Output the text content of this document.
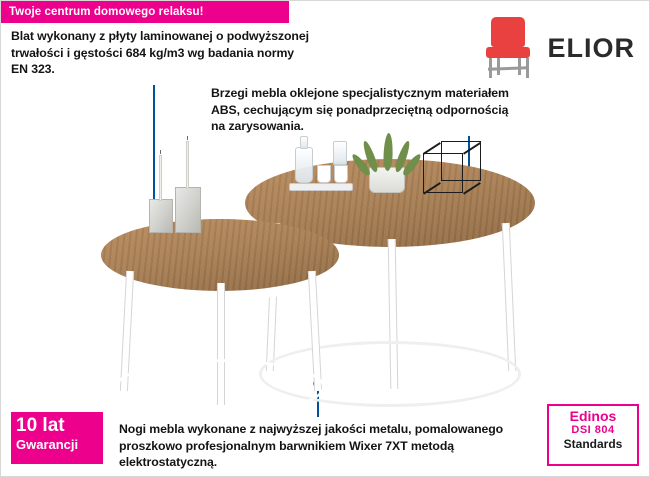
Twoje centrum domowego relaksu!
ELIOR
Blat wykonany z płyty laminowanej o podwyższonej trwałości i gęstości 684 kg/m3 wg badania normy EN 323.
Brzegi mebla oklejone specjalistycznym materiałem ABS, cechującym się ponadprzeciętną odpornością na zarysowania.
Nogi mebla wykonane z najwyższej jakości metalu, pomalowanego proszkowo profesjonalnym barwnikiem Wixer 7XT metodą elektrostatyczną.
10 lat
Gwarancji
Edinos
DSI 804
Standards
